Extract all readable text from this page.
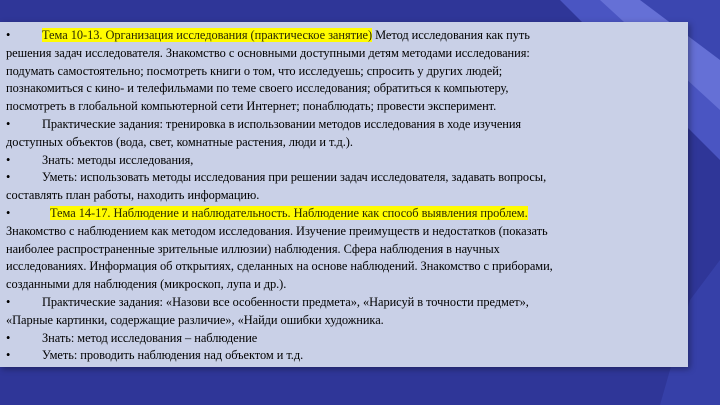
•	Тема 10-13. Организация исследования (практическое занятие) Метод исследования как путь
решения задач исследователя. Знакомство с основными доступными детям методами исследования:
подумать самостоятельно; посмотреть книги о том, что исследуешь; спросить у других людей;
познакомиться с кино- и телефильмами по теме своего исследования; обратиться к компьютеру,
посмотреть в глобальной компьютерной сети Интернет; понаблюдать; провести эксперимент.
•	Практические задания: тренировка в использовании методов исследования в ходе изучения
доступных объектов (вода, свет, комнатные растения, люди и т.д.).
•	Знать: методы исследования,
•	Уметь: использовать методы исследования при решении задач исследователя, задавать вопросы,
составлять план работы, находить информацию.
•	Тема 14-17. Наблюдение и наблюдательность. Наблюдение как способ выявления проблем.
Знакомство с наблюдением как методом исследования. Изучение преимуществ и недостатков (показать
наиболее распространенные зрительные иллюзии) наблюдения. Сфера наблюдения в научных
исследованиях. Информация об открытиях, сделанных на основе наблюдений. Знакомство с приборами,
созданными для наблюдения (микроскоп, лупа и др.).
•	Практические задания: «Назови все особенности предмета», «Нарисуй в точности предмет»,
«Парные картинки, содержащие различие», «Найди ошибки художника.
•	Знать: метод исследования – наблюдение
•	Уметь: проводить наблюдения над объектом и т.д.
